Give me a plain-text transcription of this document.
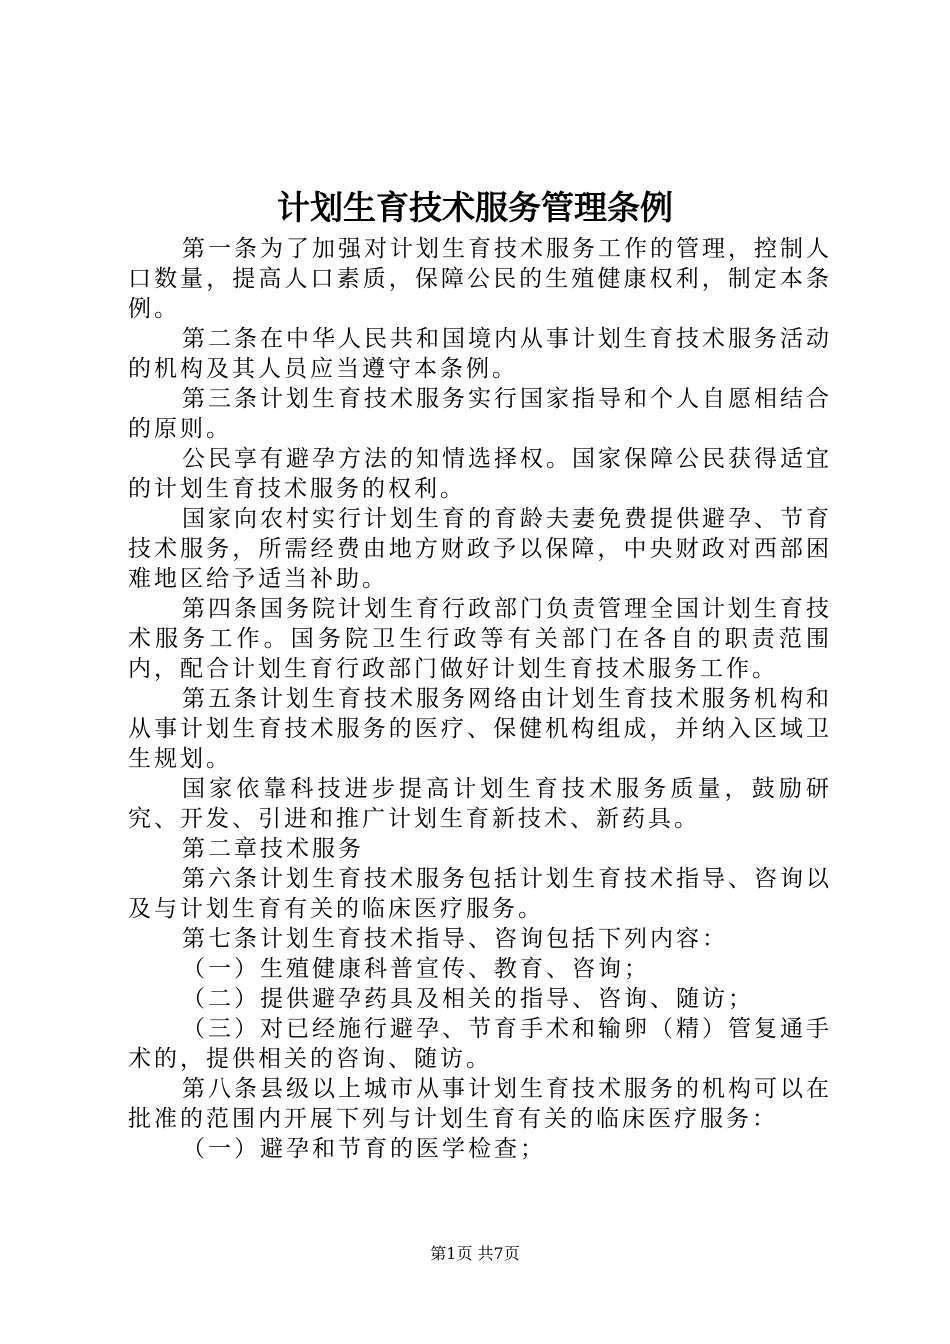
计划生育技术服务管理条例

第一条为了加强对计划生育技术服务工作的管理，控制人口数量，提高人口素质，保障公民的生殖健康权利，制定本条例。

第二条在中华人民共和国境内从事计划生育技术服务活动的机构及其人员应当遵守本条例。

第三条计划生育技术服务实行国家指导和个人自愿相结合的原则。

公民享有避孕方法的知情选择权。国家保障公民获得适宜的计划生育技术服务的权利。

国家向农村实行计划生育的育龄夫妻免费提供避孕、节育技术服务，所需经费由地方财政予以保障，中央财政对西部困难地区给予适当补助。

第四条国务院计划生育行政部门负责管理全国计划生育技术服务工作。国务院卫生行政等有关部门在各自的职责范围内，配合计划生育行政部门做好计划生育技术服务工作。

第五条计划生育技术服务网络由计划生育技术服务机构和从事计划生育技术服务的医疗、保健机构组成，并纳入区域卫生规划。

国家依靠科技进步提高计划生育技术服务质量，鼓励研究、开发、引进和推广计划生育新技术、新药具。

第二章技术服务

第六条计划生育技术服务包括计划生育技术指导、咨询以及与计划生育有关的临床医疗服务。

第七条计划生育技术指导、咨询包括下列内容：

（一）生殖健康科普宣传、教育、咨询；

（二）提供避孕药具及相关的指导、咨询、随访；

（三）对已经施行避孕、节育手术和输卵（精）管复通手术的，提供相关的咨询、随访。

第八条县级以上城市从事计划生育技术服务的机构可以在批准的范围内开展下列与计划生育有关的临床医疗服务：

（一）避孕和节育的医学检查；

第1页 共7页
